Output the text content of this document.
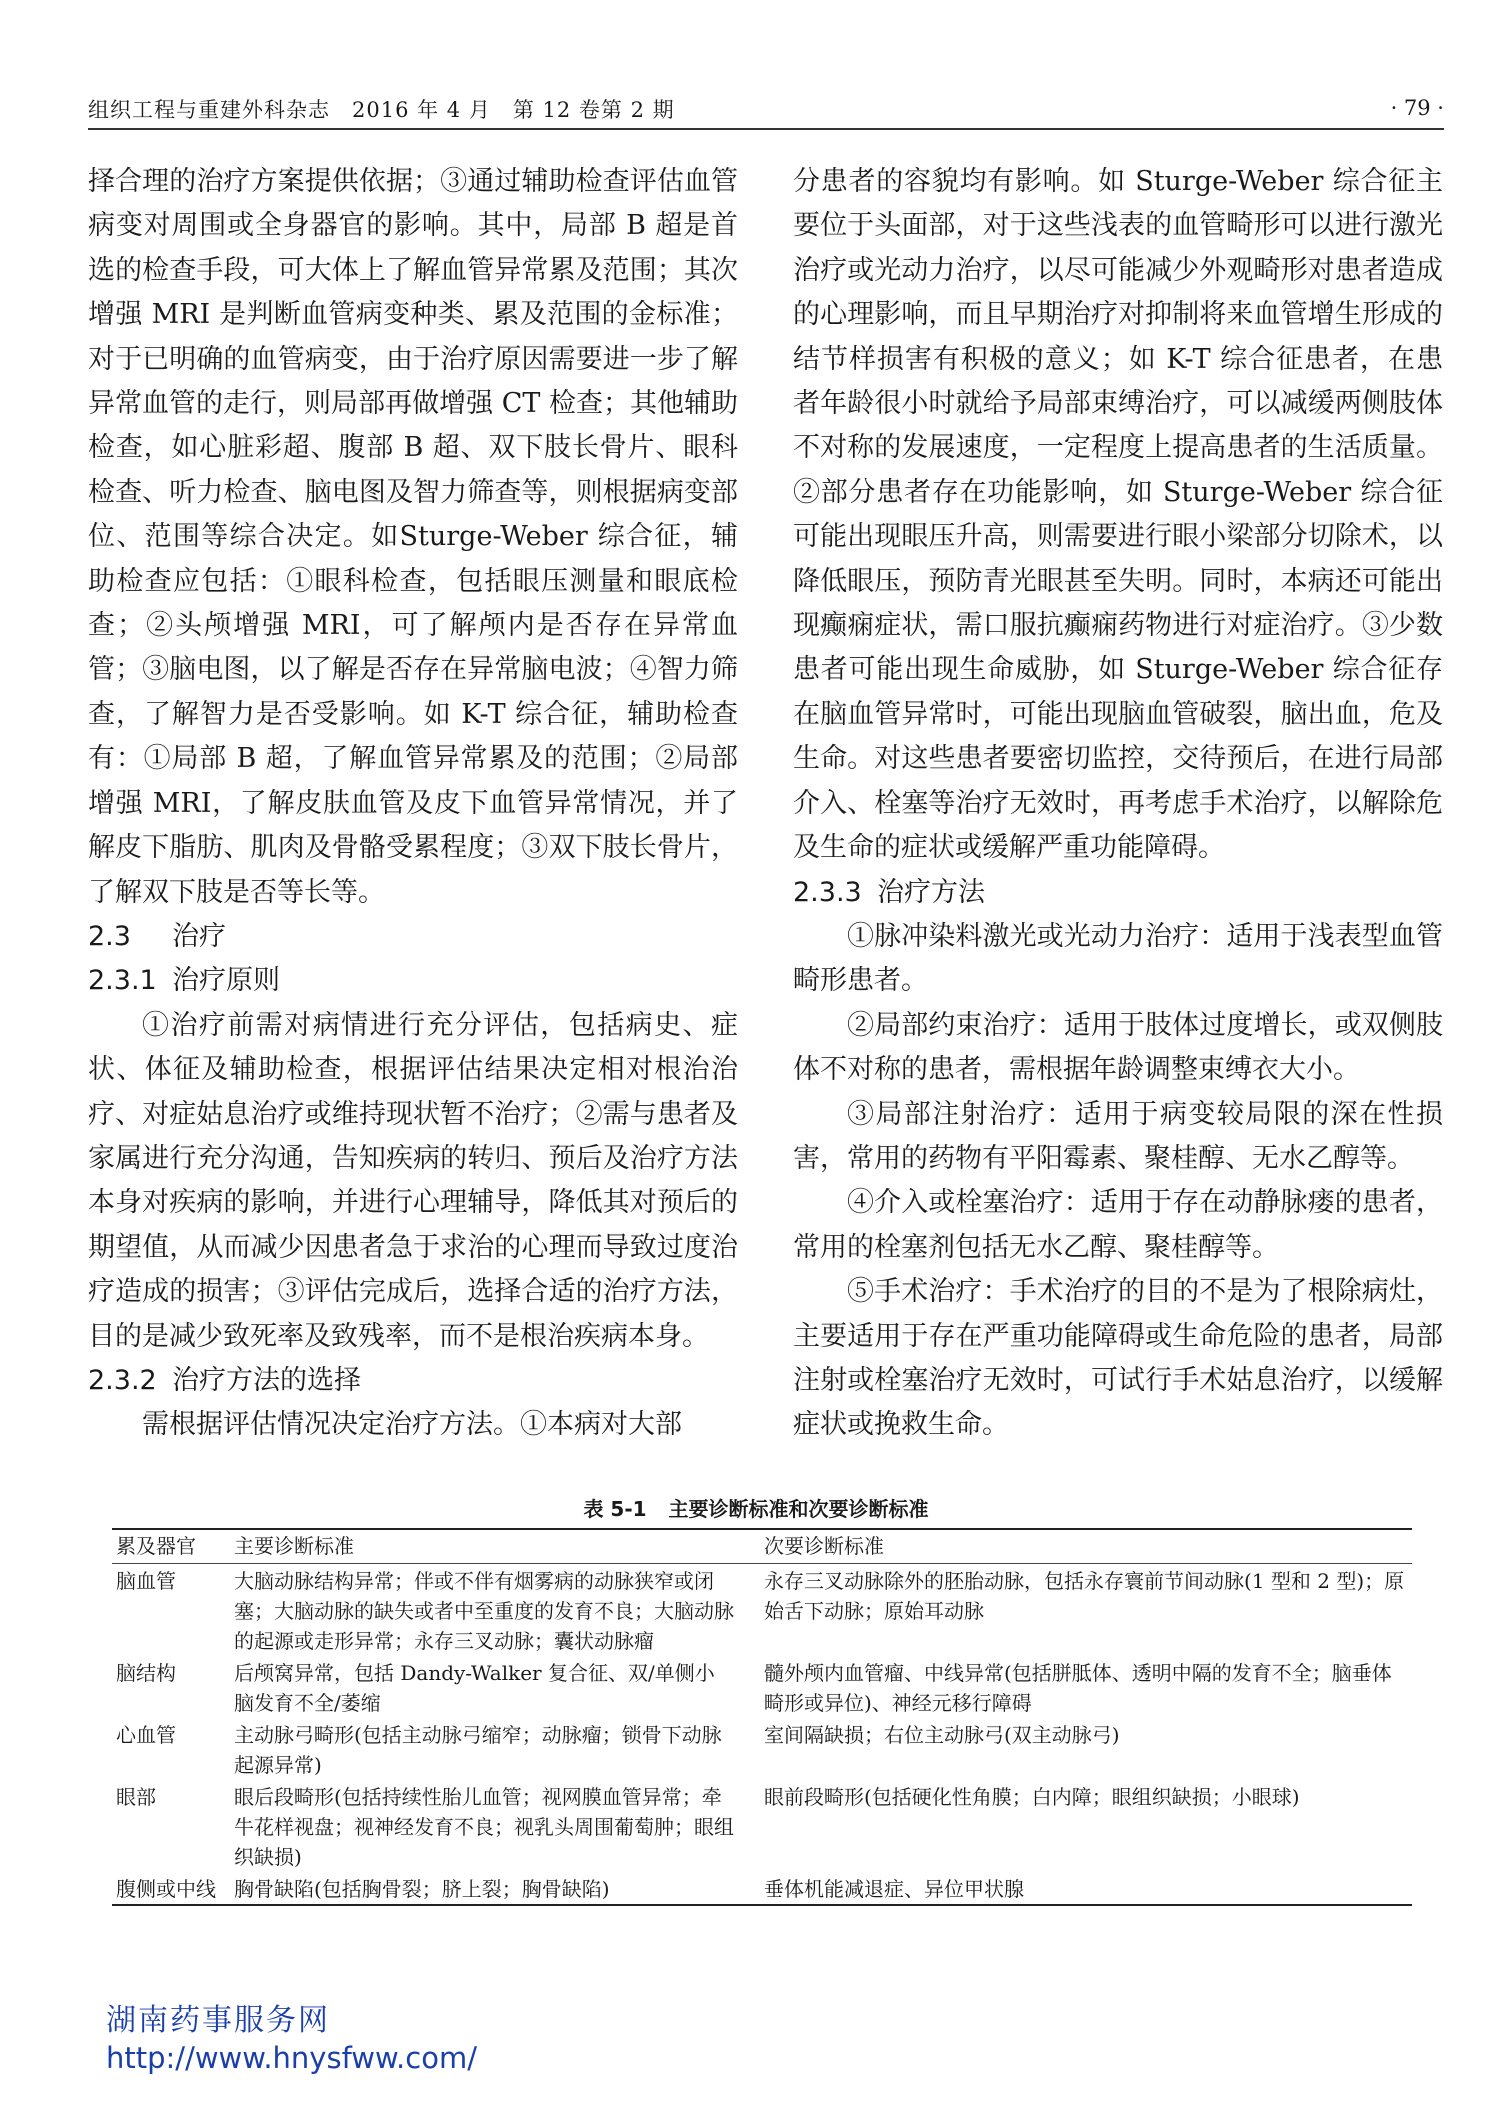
组织工程与重建外科杂志　2016 年 4 月　第 12 卷第 2 期	· 79 ·

择合理的治疗方案提供依据；③通过辅助检查评估血管病变对周围或全身器官的影响。其中，局部 B 超是首选的检查手段，可大体上了解血管异常累及范围；其次增强 MRI 是判断血管病变种类、累及范围的金标准；对于已明确的血管病变，由于治疗原因需要进一步了解异常血管的走行，则局部再做增强 CT 检查；其他辅助检查，如心脏彩超、腹部 B 超、双下肢长骨片、眼科检查、听力检查、脑电图及智力筛查等，则根据病变部位、范围等综合决定。如Sturge-Weber 综合征，辅助检查应包括：①眼科检查，包括眼压测量和眼底检查；②头颅增强 MRI，可了解颅内是否存在异常血管；③脑电图，以了解是否存在异常脑电波；④智力筛查，了解智力是否受影响。如 K-T 综合征，辅助检查有：①局部 B 超，了解血管异常累及的范围；②局部增强 MRI，了解皮肤血管及皮下血管异常情况，并了解皮下脂肪、肌肉及骨骼受累程度；③双下肢长骨片，了解双下肢是否等长等。

2.3 治疗
2.3.1 治疗原则

①治疗前需对病情进行充分评估，包括病史、症状、体征及辅助检查，根据评估结果决定相对根治治疗、对症姑息治疗或维持现状暂不治疗；②需与患者及家属进行充分沟通，告知疾病的转归、预后及治疗方法本身对疾病的影响，并进行心理辅导，降低其对预后的期望值，从而减少因患者急于求治的心理而导致过度治疗造成的损害；③评估完成后，选择合适的治疗方法，目的是减少致死率及致残率，而不是根治疾病本身。

2.3.2 治疗方法的选择

需根据评估情况决定治疗方法。①本病对大部

分患者的容貌均有影响。如 Sturge-Weber 综合征主要位于头面部，对于这些浅表的血管畸形可以进行激光治疗或光动力治疗，以尽可能减少外观畸形对患者造成的心理影响，而且早期治疗对抑制将来血管增生形成的结节样损害有积极的意义；如 K-T 综合征患者，在患者年龄很小时就给予局部束缚治疗，可以减缓两侧肢体不对称的发展速度，一定程度上提高患者的生活质量。②部分患者存在功能影响，如 Sturge-Weber 综合征可能出现眼压升高，则需要进行眼小梁部分切除术，以降低眼压，预防青光眼甚至失明。同时，本病还可能出现癫痫症状，需口服抗癫痫药物进行对症治疗。③少数患者可能出现生命威胁，如 Sturge-Weber 综合征存在脑血管异常时，可能出现脑血管破裂，脑出血，危及生命。对这些患者要密切监控，交待预后，在进行局部介入、栓塞等治疗无效时，再考虑手术治疗，以解除危及生命的症状或缓解严重功能障碍。

2.3.3 治疗方法

①脉冲染料激光或光动力治疗：适用于浅表型血管畸形患者。

②局部约束治疗：适用于肢体过度增长，或双侧肢体不对称的患者，需根据年龄调整束缚衣大小。

③局部注射治疗：适用于病变较局限的深在性损害，常用的药物有平阳霉素、聚桂醇、无水乙醇等。

④介入或栓塞治疗：适用于存在动静脉瘘的患者，常用的栓塞剂包括无水乙醇、聚桂醇等。

⑤手术治疗：手术治疗的目的不是为了根除病灶，主要适用于存在严重功能障碍或生命危险的患者，局部注射或栓塞治疗无效时，可试行手术姑息治疗，以缓解症状或挽救生命。

表 5-1 主要诊断标准和次要诊断标准
累及器官	主要诊断标准	次要诊断标准
脑血管	大脑动脉结构异常；伴或不伴有烟雾病的动脉狭窄或闭塞；大脑动脉的缺失或者中至重度的发育不良；大脑动脉的起源或走形异常；永存三叉动脉；囊状动脉瘤	永存三叉动脉除外的胚胎动脉，包括永存寰前节间动脉(1 型和 2 型)；原始舌下动脉；原始耳动脉
脑结构	后颅窝异常，包括 Dandy-Walker 复合征、双/单侧小脑发育不全/萎缩	髓外颅内血管瘤、中线异常(包括胼胝体、透明中隔的发育不全；脑垂体畸形或异位)、神经元移行障碍
心血管	主动脉弓畸形(包括主动脉弓缩窄；动脉瘤；锁骨下动脉起源异常)	室间隔缺损；右位主动脉弓(双主动脉弓)
眼部	眼后段畸形(包括持续性胎儿血管；视网膜血管异常；牵牛花样视盘；视神经发育不良；视乳头周围葡萄肿；眼组织缺损)	眼前段畸形(包括硬化性角膜；白内障；眼组织缺损；小眼球)
腹侧或中线	胸骨缺陷(包括胸骨裂；脐上裂；胸骨缺陷)	垂体机能减退症、异位甲状腺
湖南药事服务网
http://www.hnysfww.com/
